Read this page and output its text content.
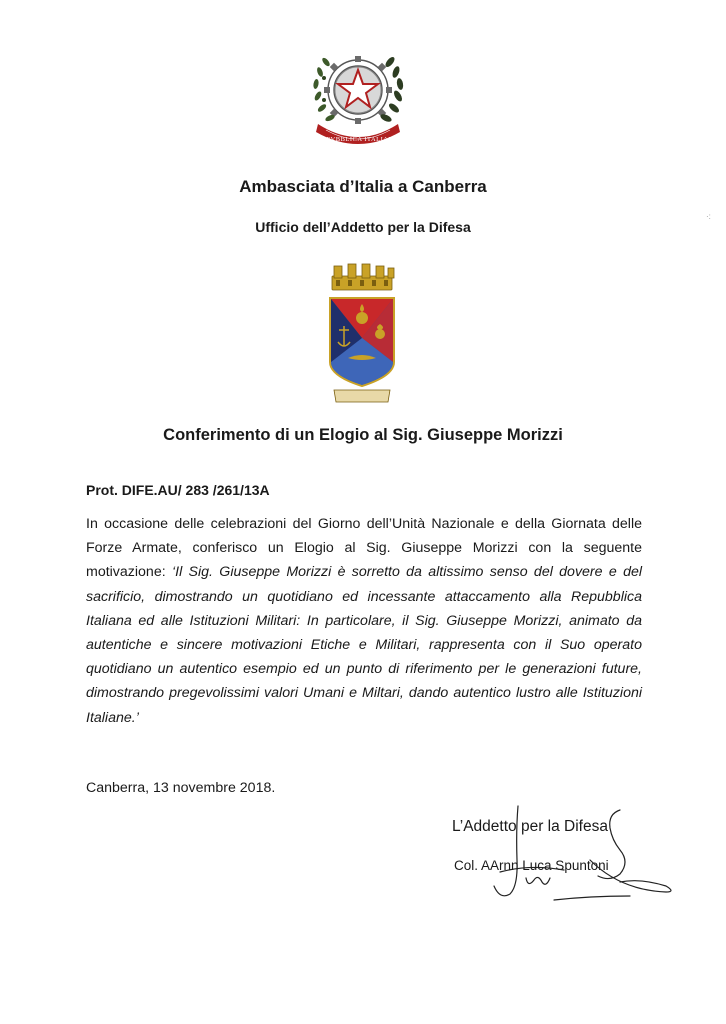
REPVBBLICA ITALIANA
Ambasciata d’Italia a Canberra
Ufficio dell’Addetto per la Difesa
Conferimento di un Elogio al Sig. Giuseppe Morizzi
Prot. DIFE.AU/ 283 /261/13A
In occasione delle celebrazioni del Giorno dell’Unità Nazionale e della Giornata delle Forze Armate, conferisco un Elogio al Sig. Giuseppe Morizzi con la seguente motivazione: ‘Il Sig. Giuseppe Morizzi è sorretto da altissimo senso del dovere e del sacrificio, dimostrando un quotidiano ed incessante attaccamento alla Repubblica Italiana ed alle Istituzioni Militari: In particolare, il Sig. Giuseppe Morizzi, animato da autentiche e sincere motivazioni Etiche e Militari, rappresenta con il Suo operato quotidiano un autentico esempio ed un punto di riferimento per le generazioni future, dimostrando pregevolissimi valori Umani e Miltari, dando autentico lustro alle Istituzioni Italiane.’
Canberra, 13 novembre 2018.
L’Addetto per la Difesa
Col. AArnn Luca Spuntoni
·:
